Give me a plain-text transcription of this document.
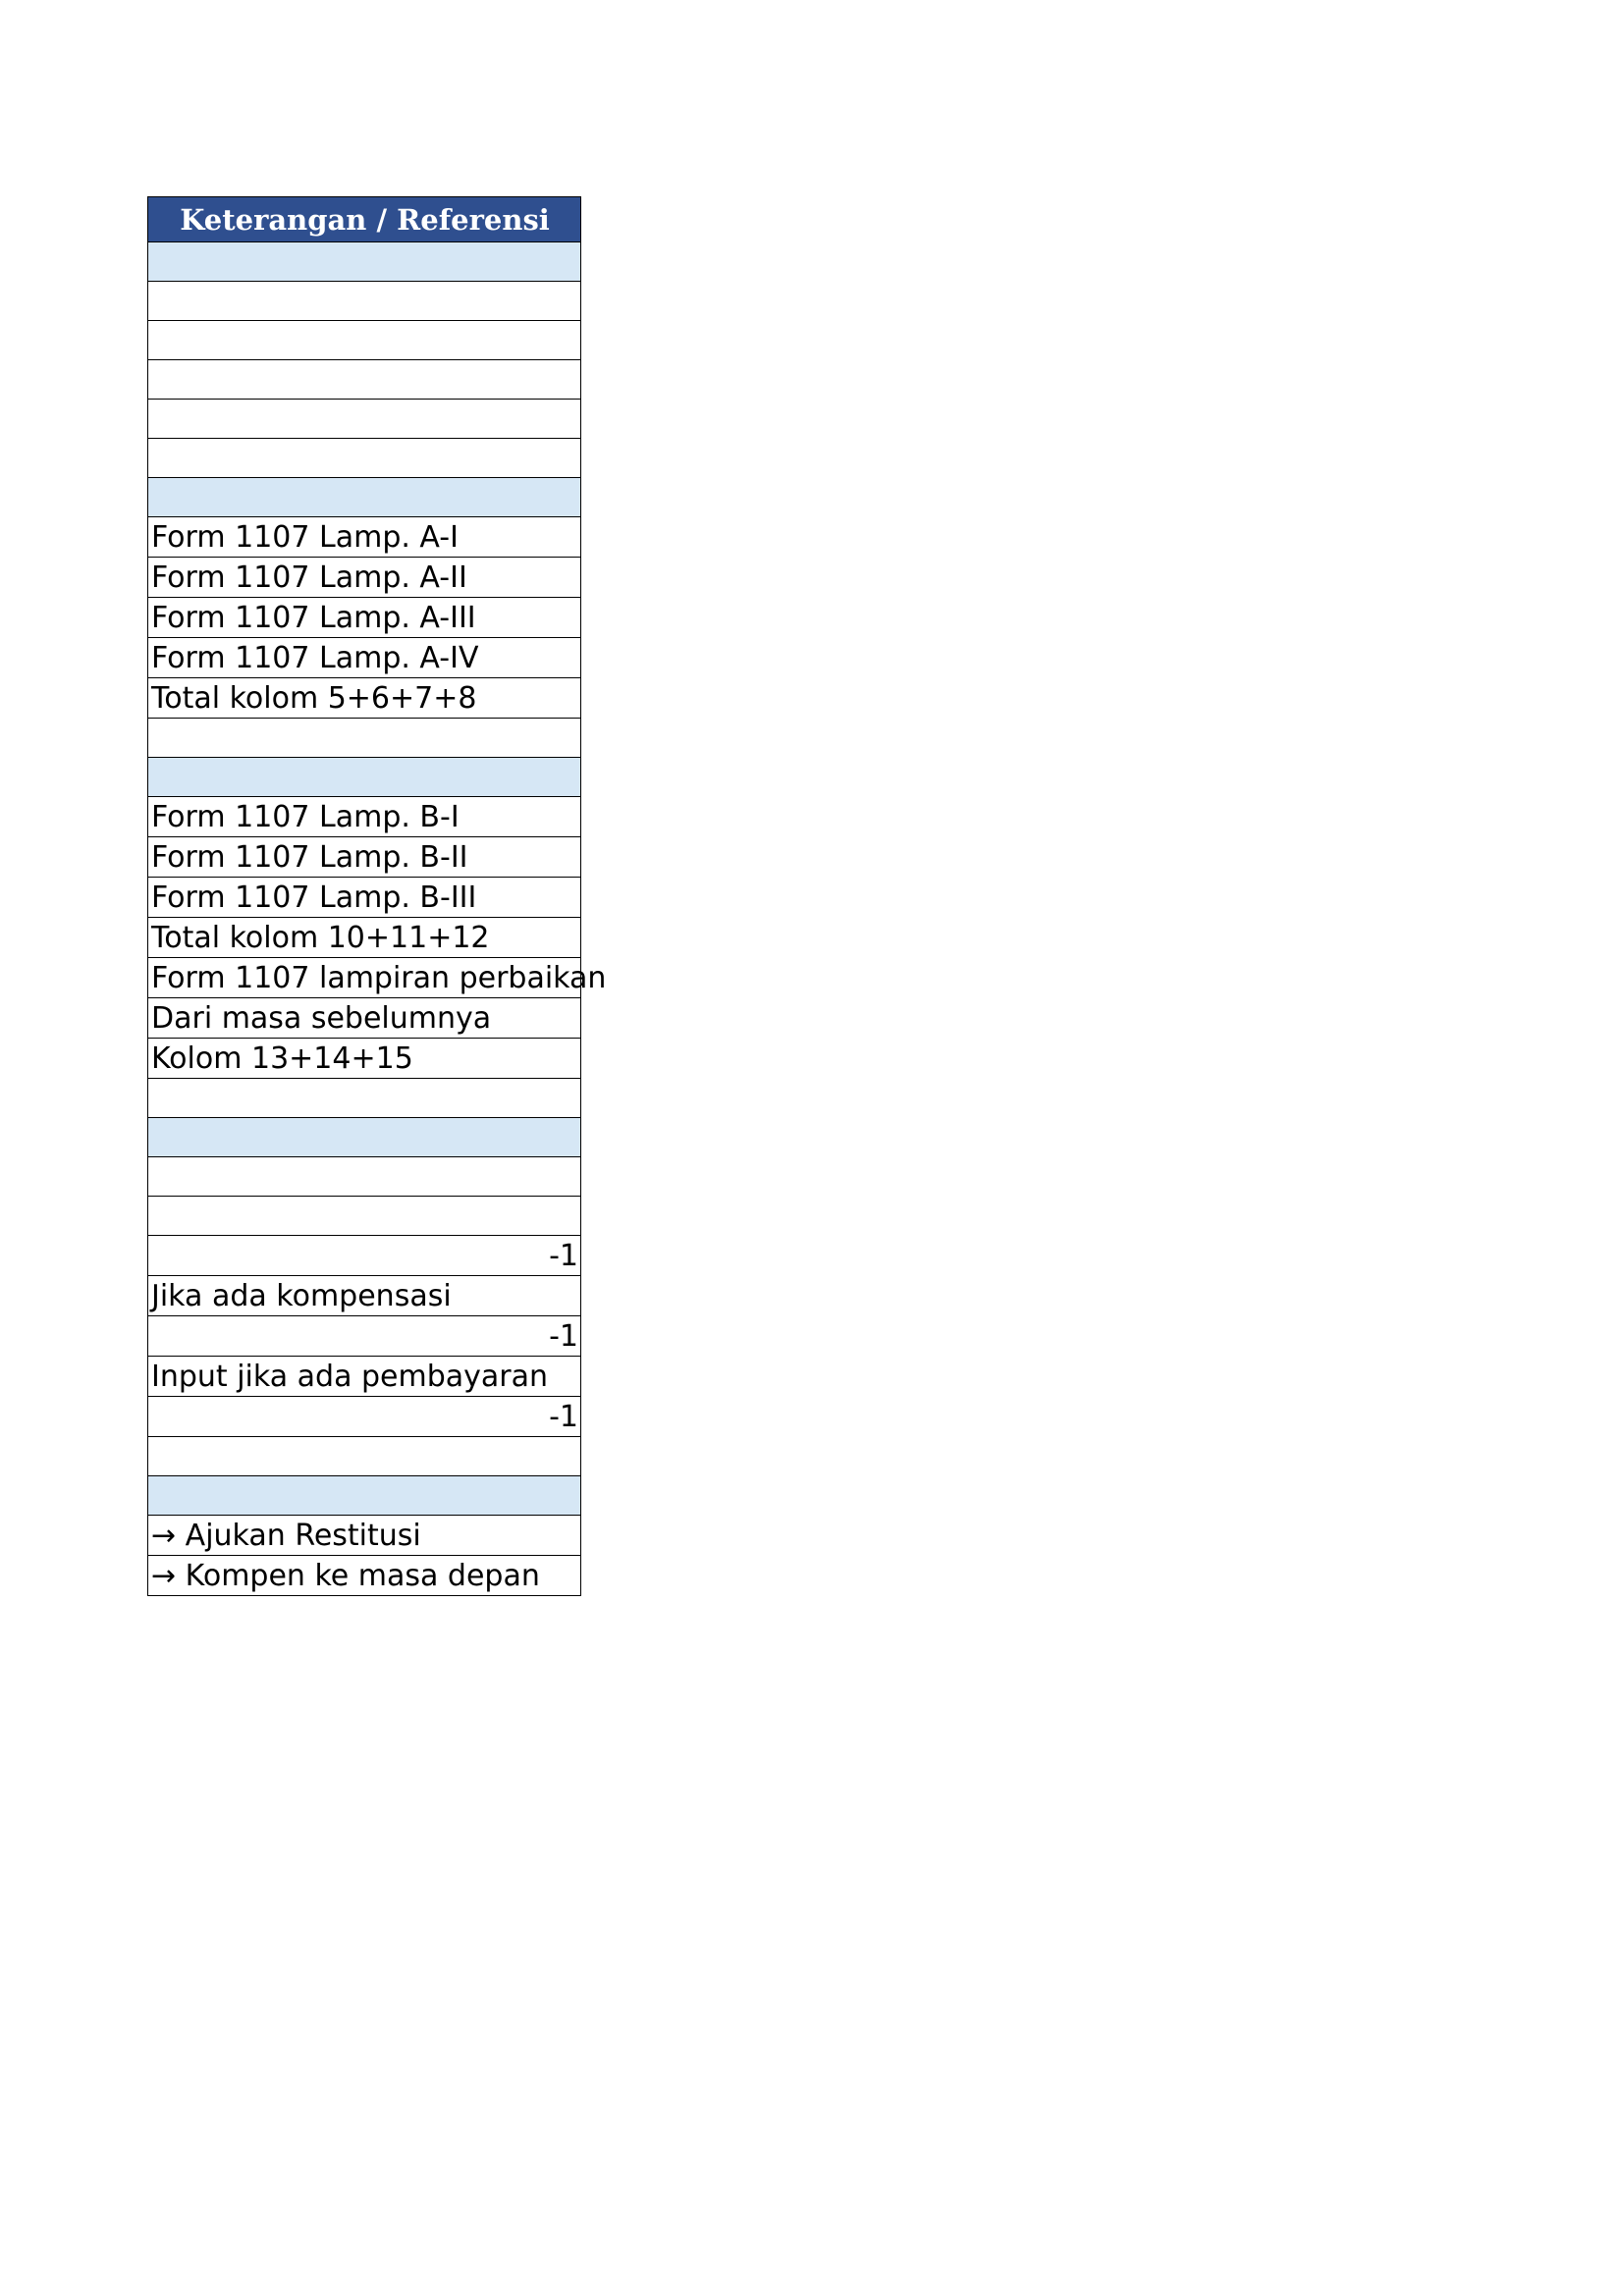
Keterangan / Referensi

Form 1107 Lamp. A-I
Form 1107 Lamp. A-II
Form 1107 Lamp. A-III
Form 1107 Lamp. A-IV
Total kolom 5+6+7+8

Form 1107 Lamp. B-I
Form 1107 Lamp. B-II
Form 1107 Lamp. B-III
Total kolom 10+11+12
Form 1107 lampiran perbaikan
Dari masa sebelumnya
Kolom 13+14+15

-1
Jika ada kompensasi
-1
Input jika ada pembayaran
-1

→ Ajukan Restitusi
→ Kompen ke masa depan
